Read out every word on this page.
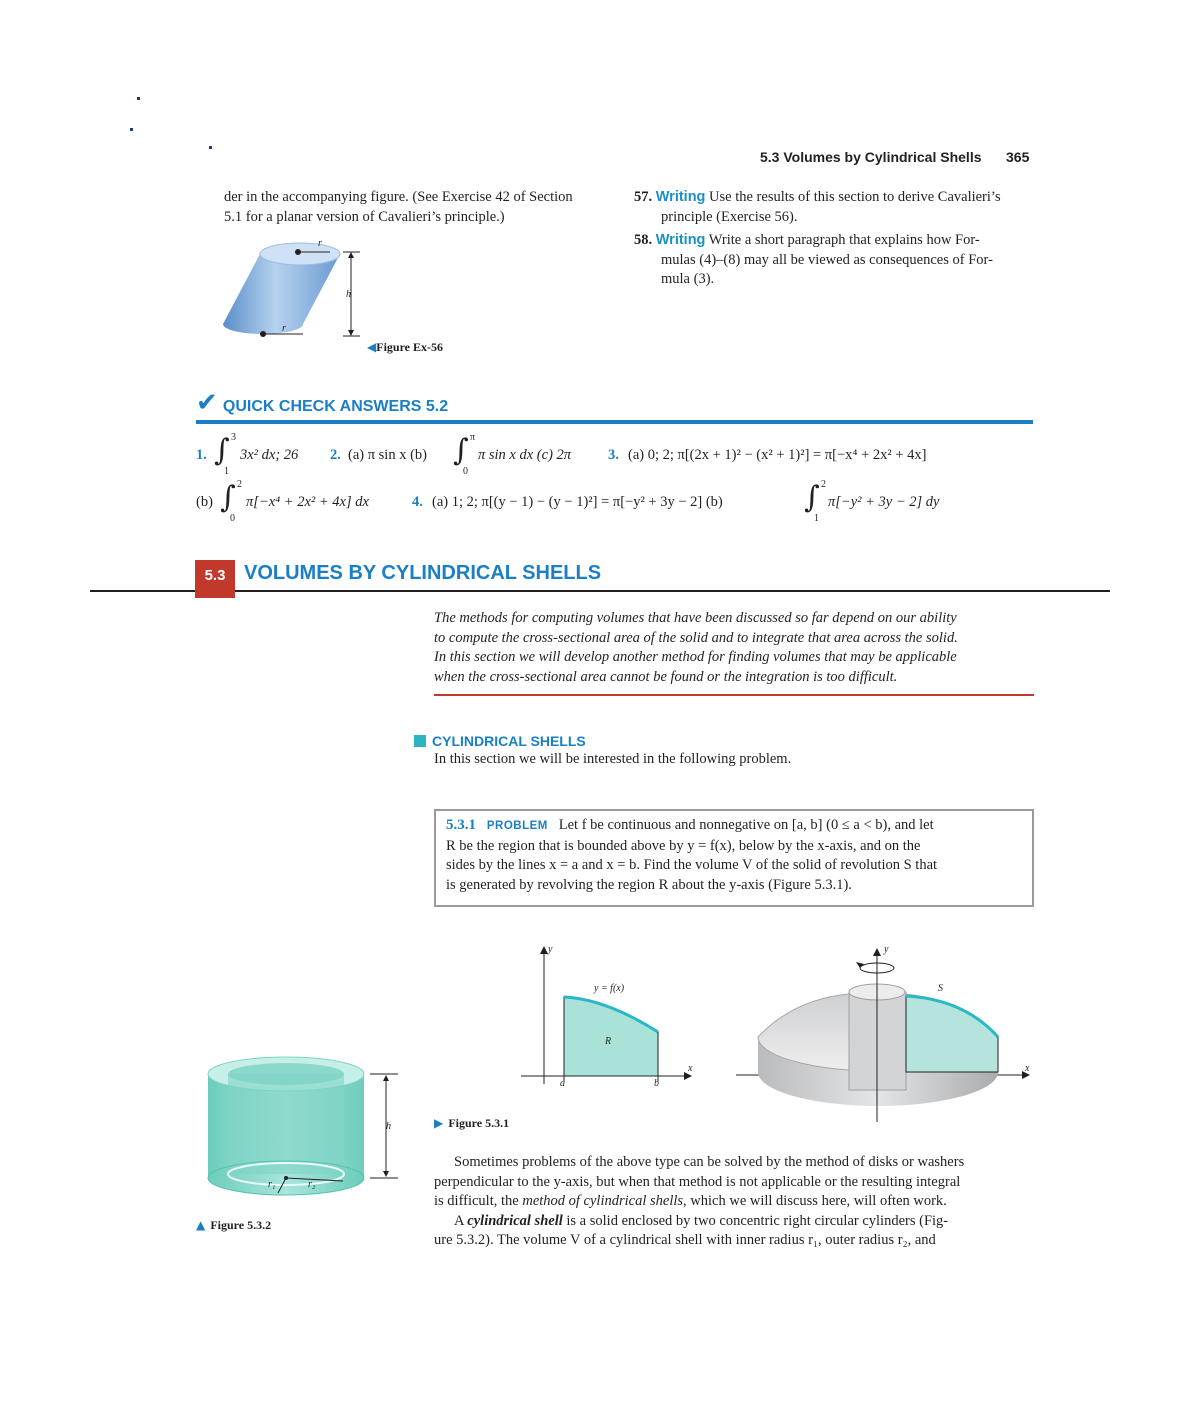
5.3 Volumes by Cylindrical Shells 365
der in the accompanying figure. (See Exercise 42 of Section
5.1 for a planar version of Cavalieri’s principle.)
r
r
h
◀Figure Ex-56
57. Writing Use the results of this section to derive Cavalieri’s
principle (Exercise 56).
58. Writing Write a short paragraph that explains how For-
mulas (4)–(8) may all be viewed as consequences of For-
mula (3).
✔ QUICK CHECK ANSWERS 5.2
1. ∫ 3
1
3x² dx; 26 2. (a) π sin x (b) ∫ π
0
π sin x dx (c) 2π	3. (a) 0; 2; π[(2x + 1)² − (x² + 1)²] = π[−x⁴ + 2x² + 4x]
(b) ∫ 2
0
π[−x⁴ + 2x² + 4x] dx	4. (a) 1; 2; π[(y − 1) − (y − 1)²] = π[−y² + 3y − 2] (b)	∫ 2
1
π[−y² + 3y − 2] dy
5.3 VOLUMES BY CYLINDRICAL SHELLS
The methods for computing volumes that have been discussed so far depend on our ability
to compute the cross-sectional area of the solid and to integrate that area across the solid.
In this section we will develop another method for finding volumes that may be applicable
when the cross-sectional area cannot be found or the integration is too difficult.
CYLINDRICAL SHELLS
In this section we will be interested in the following problem.
5.3.1 PROBLEM Let f be continuous and nonnegative on [a, b] (0 ≤ a < b), and let
R be the region that is bounded above by y = f(x), below by the x-axis, and on the
sides by the lines x = a and x = b. Find the volume V of the solid of revolution S that
is generated by revolving the region R about the y-axis (Figure 5.3.1).
y
x
y = f(x)
R
a	b
y
x
S
▶ Figure 5.3.1
h
r₁	r₂
▲ Figure 5.3.2
Sometimes problems of the above type can be solved by the method of disks or washers
perpendicular to the y-axis, but when that method is not applicable or the resulting integral
is difficult, the method of cylindrical shells, which we will discuss here, will often work.
A cylindrical shell is a solid enclosed by two concentric right circular cylinders (Fig-
ure 5.3.2). The volume V of a cylindrical shell with inner radius r₁, outer radius r₂, and
